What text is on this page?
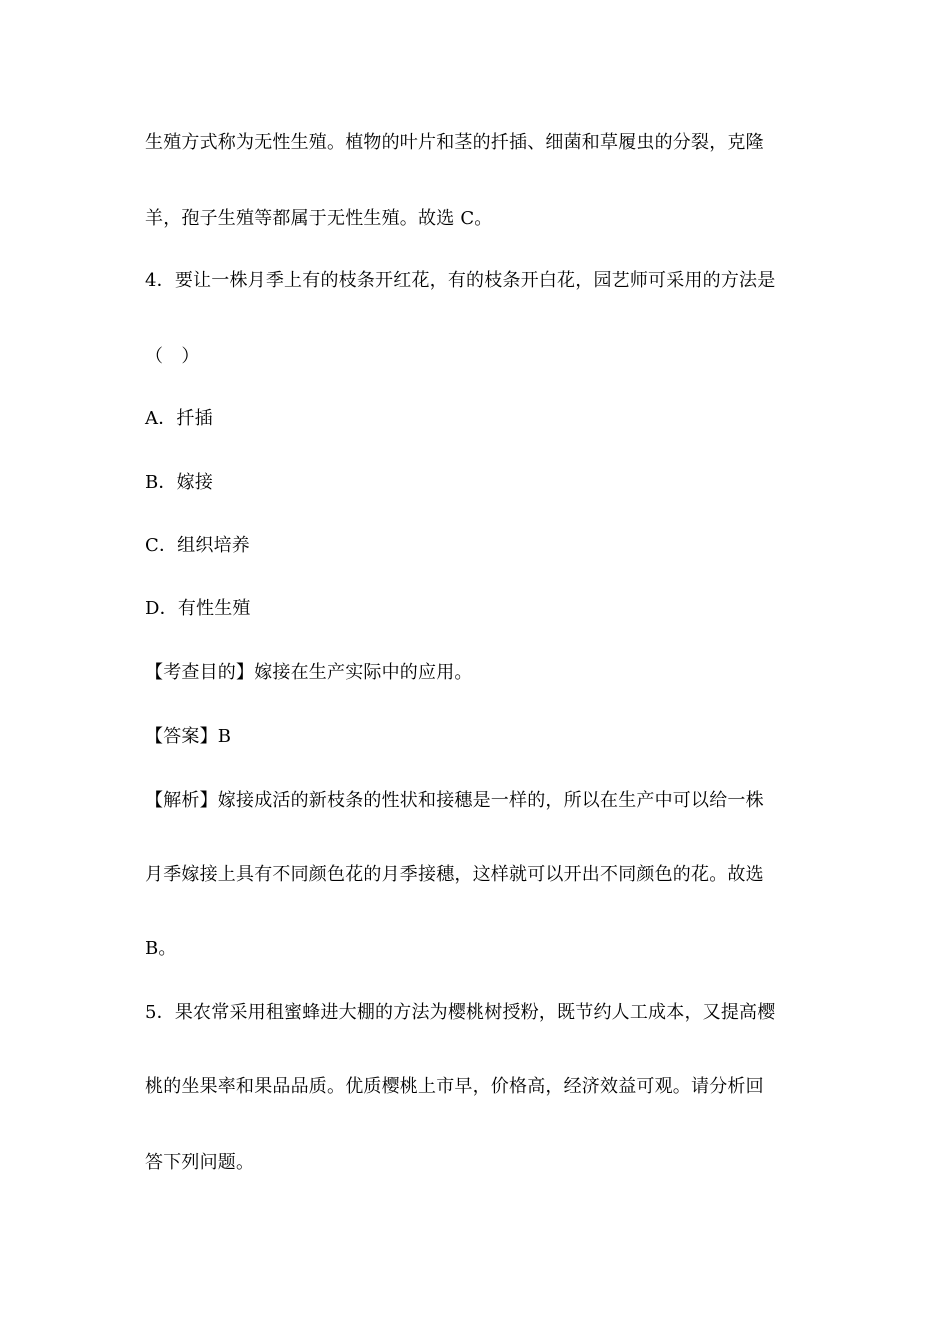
生殖方式称为无性生殖。植物的叶片和茎的扦插、细菌和草履虫的分裂，克隆
羊，孢子生殖等都属于无性生殖。故选 C。
4．要让一株月季上有的枝条开红花，有的枝条开白花，园艺师可采用的方法是
（　）
A．扦插
B．嫁接
C．组织培养
D．有性生殖
【考查目的】嫁接在生产实际中的应用。
【答案】B
【解析】嫁接成活的新枝条的性状和接穗是一样的，所以在生产中可以给一株
月季嫁接上具有不同颜色花的月季接穗，这样就可以开出不同颜色的花。故选
B。
5．果农常采用租蜜蜂进大棚的方法为樱桃树授粉，既节约人工成本，又提高樱
桃的坐果率和果品品质。优质樱桃上市早，价格高，经济效益可观。请分析回
答下列问题。
